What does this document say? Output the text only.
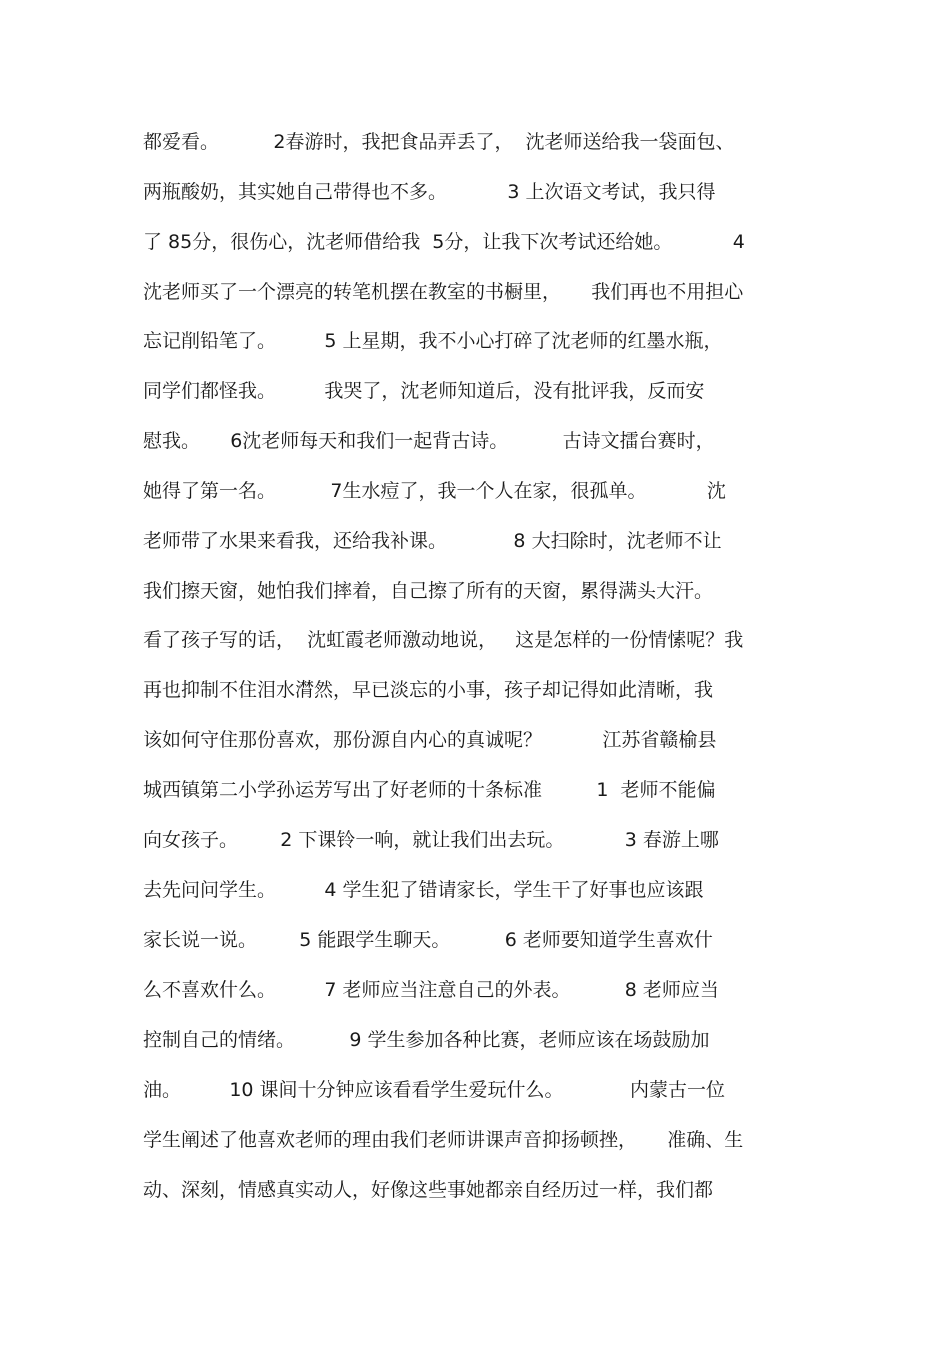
都爱看。         2春游时，我把食品弄丢了，  沈老师送给我一袋面包、
两瓶酸奶，其实她自己带得也不多。          3 上次语文考试，我只得
了 85分，很伤心，沈老师借给我  5分，让我下次考试还给她。          4
沈老师买了一个漂亮的转笔机摆在教室的书橱里，     我们再也不用担心
忘记削铅笔了。        5 上星期，我不小心打碎了沈老师的红墨水瓶，
同学们都怪我。        我哭了，沈老师知道后，没有批评我，反而安
慰我。     6沈老师每天和我们一起背古诗。         古诗文擂台赛时，
她得了第一名。         7生水痘了，我一个人在家，很孤单。          沈
老师带了水果来看我，还给我补课。           8 大扫除时，沈老师不让
我们擦天窗，她怕我们摔着，自己擦了所有的天窗，累得满头大汗。
看了孩子写的话，  沈虹霞老师激动地说，   这是怎样的一份情愫呢？我
再也抑制不住泪水潸然，早已淡忘的小事，孩子却记得如此清晰，我
该如何守住那份喜欢，那份源自内心的真诚呢？          江苏省赣榆县
城西镇第二小学孙运芳写出了好老师的十条标准         1  老师不能偏
向女孩子。       2 下课铃一响，就让我们出去玩。          3 春游上哪
去先问问学生。        4 学生犯了错请家长，学生干了好事也应该跟
家长说一说。       5 能跟学生聊天。         6 老师要知道学生喜欢什
么不喜欢什么。        7 老师应当注意自己的外表。         8 老师应当
控制自己的情绪。         9 学生参加各种比赛，老师应该在场鼓励加
油。        10 课间十分钟应该看看学生爱玩什么。           内蒙古一位
学生阐述了他喜欢老师的理由我们老师讲课声音抑扬顿挫，     准确、生
动、深刻，情感真实动人，好像这些事她都亲自经历过一样，我们都
